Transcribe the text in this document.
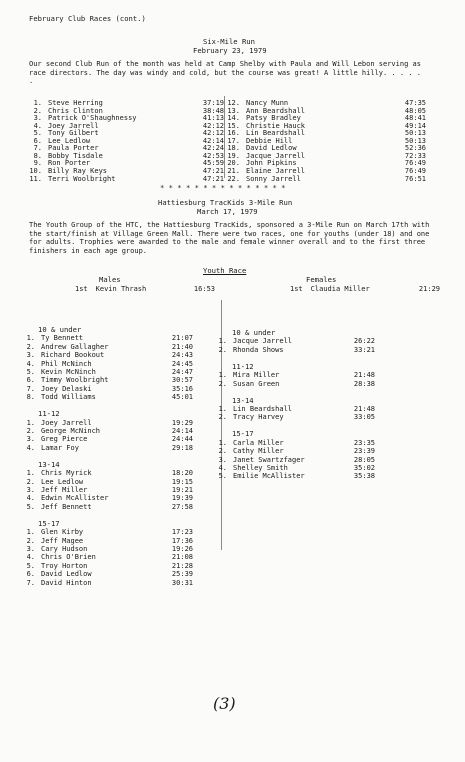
February Club Races (cont.)
Six-Mile Run
February 23, 1979
Our second Club Run of the month was held at Camp Shelby with Paula and Will Lebon serving as race directors. The day was windy and cold, but the course was great! A little hilly. . . . . .
1. Steve Herring	37:19
2. Chris Clinton	38:48
3. Patrick O'Shaughnessy	41:13
4. Joey Jarrell	42:12
5. Tony Gilbert	42:12
6. Lee Ledlow	42:14
7. Paula Porter	42:24
8. Bobby Tisdale	42:53
9. Ron Porter	45:59
10. Billy Ray Keys	47:21
11. Terri Woolbright	47:21
12. Nancy Munn	47:35
13. Ann Beardshall	48:05
14. Patsy Bradley	48:41
15. Christie Hauck	49:14
16. Lin Beardshall	50:13
17. Debbie Hill	50:13
18. David Ledlow	52:36
19. Jacque Jarrell	72:33
20. John Pipkins	76:49
21. Elaine Jarrell	76:49
22. Sonny Jarrell	76:51
* * * * * * * * * * * * * * *
Hattiesburg TracKids 3-Mile Run
March 17, 1979
The Youth Group of the HTC, the Hattiesburg TracKids, sponsored a 3-Mile Run on March 17th with the start/finish at Village Green Mall. There were two races, one for youths (under 18) and one for adults. Trophies were awarded to the male and female winner overall and to the first three finishers in each age group.
Youth Race
Males	Females
1st Kevin Thrash	16:53	1st Claudia Miller	21:29
10 & under
1. Ty Bennett	21:07
2. Andrew Gallagher	21:40
3. Richard Bookout	24:43
4. Phil McNinch	24:45
5. Kevin McNinch	24:47
6. Timmy Woolbright	30:57
7. Joey Delaski	35:16
8. Todd Williams	45:01
11-12
1. Joey Jarrell	19:29
2. George McNinch	24:14
3. Greg Pierce	24:44
4. Lamar Foy	29:18
13-14
1. Chris Myrick	18:20
2. Lee Ledlow	19:15
3. Jeff Miller	19:21
4. Edwin McAllister	19:39
5. Jeff Bennett	27:58
15-17
1. Glen Kirby	17:23
2. Jeff Magee	17:36
3. Cary Hudson	19:26
4. Chris O'Brien	21:08
5. Troy Horton	21:28
6. David Ledlow	25:39
7. David Hinton	30:31
10 & under
1. Jacque Jarrell	26:22
2. Rhonda Shows	33:21
11-12
1. Mira Miller	21:48
2. Susan Green	28:38
13-14
1. Lin Beardshall	21:48
2. Tracy Harvey	33:05
15-17
1. Carla Miller	23:35
2. Cathy Miller	23:39
3. Janet Swartzfager	28:05
4. Shelley Smith	35:02
5. Emilie McAllister	35:38
(3)
